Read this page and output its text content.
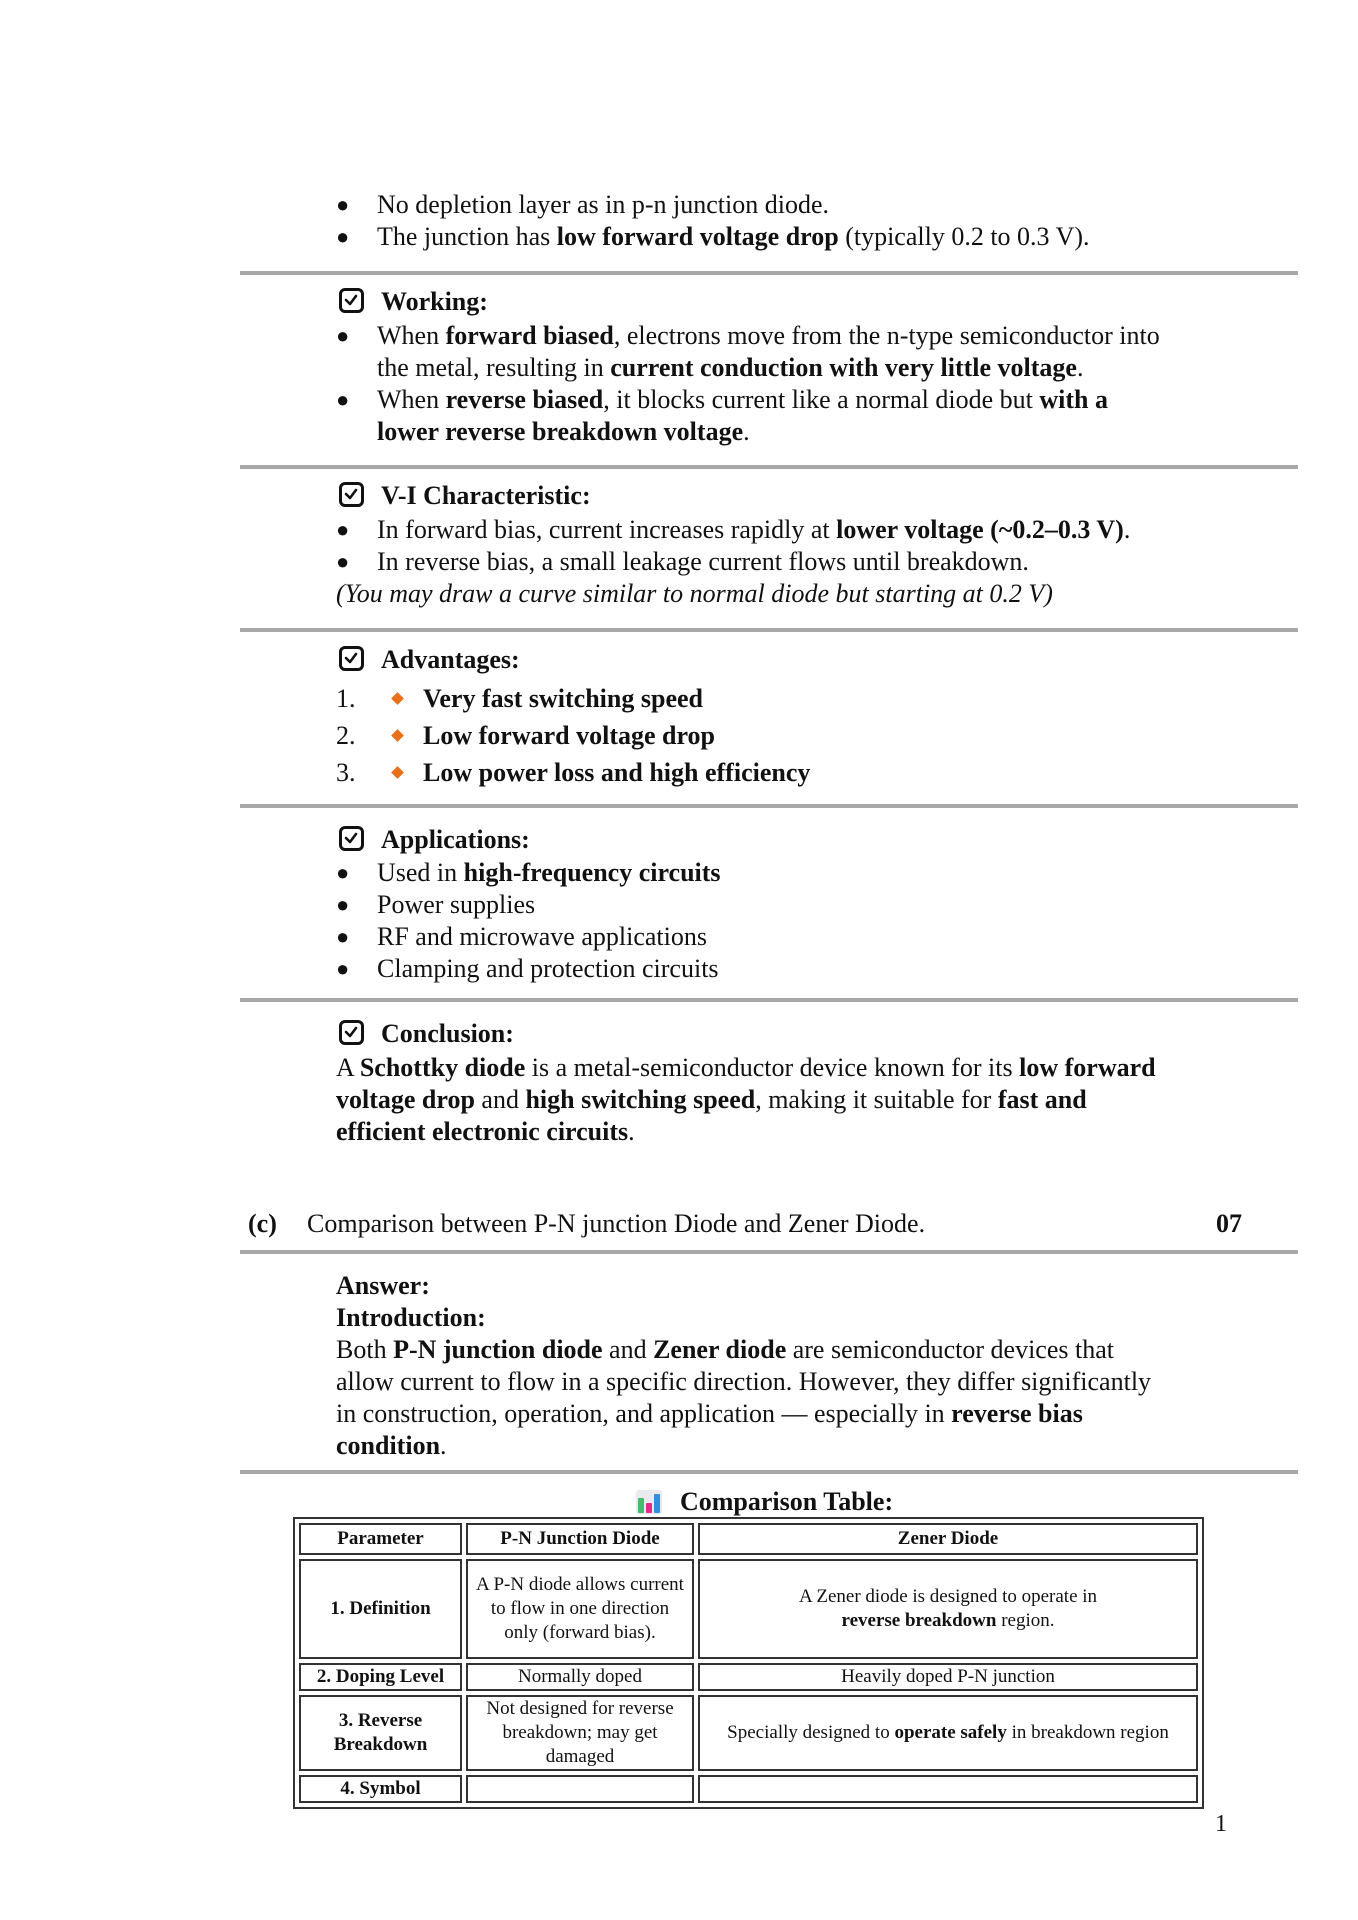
● No depletion layer as in p-n junction diode.
● The junction has low forward voltage drop (typically 0.2 to 0.3 V).
Working:
● When forward biased, electrons move from the n-type semiconductor into
the metal, resulting in current conduction with very little voltage.
● When reverse biased, it blocks current like a normal diode but with a
lower reverse breakdown voltage.
V-I Characteristic:
● In forward bias, current increases rapidly at lower voltage (~0.2–0.3 V).
● In reverse bias, a small leakage current flows until breakdown.
(You may draw a curve similar to normal diode but starting at 0.2 V)
Advantages:
1.	Very fast switching speed
2.	Low forward voltage drop
3.	Low power loss and high efficiency
Applications:
● Used in high-frequency circuits
● Power supplies
● RF and microwave applications
● Clamping and protection circuits
Conclusion:
A Schottky diode is a metal-semiconductor device known for its low forward
voltage drop and high switching speed, making it suitable for fast and
efficient electronic circuits.
(c) Comparison between P-N junction Diode and Zener Diode.	07
Answer:
Introduction:
Both P-N junction diode and Zener diode are semiconductor devices that
allow current to flow in a specific direction. However, they differ significantly
in construction, operation, and application — especially in reverse bias
condition.
Comparison Table:
Parameter	P-N Junction Diode	Zener Diode
1. Definition	A P-N diode allows current to flow in one direction only (forward bias).	A Zener diode is designed to operate in
reverse breakdown region.
2. Doping Level	Normally doped	Heavily doped P-N junction
3. Reverse Breakdown	Not designed for reverse breakdown; may get damaged	Specially designed to operate safely in breakdown region
4. Symbol		
1
